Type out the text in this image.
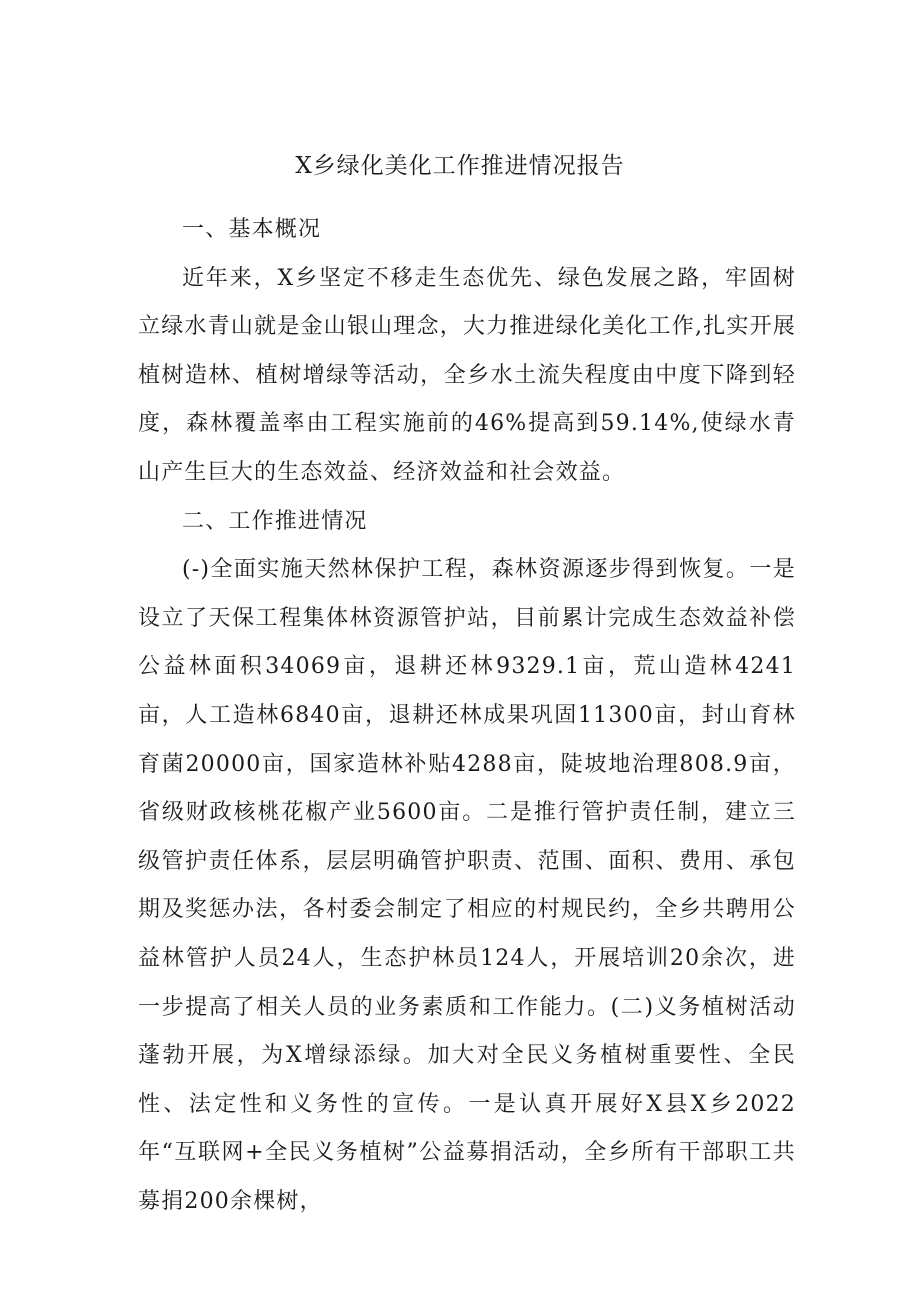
X乡绿化美化工作推进情况报告

一、基本概况

近年来，X乡坚定不移走生态优先、绿色发展之路，牢固树立绿水青山就是金山银山理念，大力推进绿化美化工作,扎实开展植树造林、植树增绿等活动，全乡水土流失程度由中度下降到轻度，森林覆盖率由工程实施前的46%提高到59.14%,使绿水青山产生巨大的生态效益、经济效益和社会效益。

二、工作推进情况

(-)全面实施天然林保护工程，森林资源逐步得到恢复。一是设立了天保工程集体林资源管护站，目前累计完成生态效益补偿公益林面积34069亩，退耕还林9329.1亩，荒山造林4241亩，人工造林6840亩，退耕还林成果巩固11300亩，封山育林育菌20000亩，国家造林补贴4288亩，陡坡地治理808.9亩，省级财政核桃花椒产业5600亩。二是推行管护责任制，建立三级管护责任体系，层层明确管护职责、范围、面积、费用、承包期及奖惩办法，各村委会制定了相应的村规民约，全乡共聘用公益林管护人员24人，生态护林员124人，开展培训20余次，进一步提高了相关人员的业务素质和工作能力。(二)义务植树活动蓬勃开展，为X增绿添绿。加大对全民义务植树重要性、全民性、法定性和义务性的宣传。一是认真开展好X县X乡2022年“互联网+全民义务植树”公益募捐活动，全乡所有干部职工共募捐200余棵树，
